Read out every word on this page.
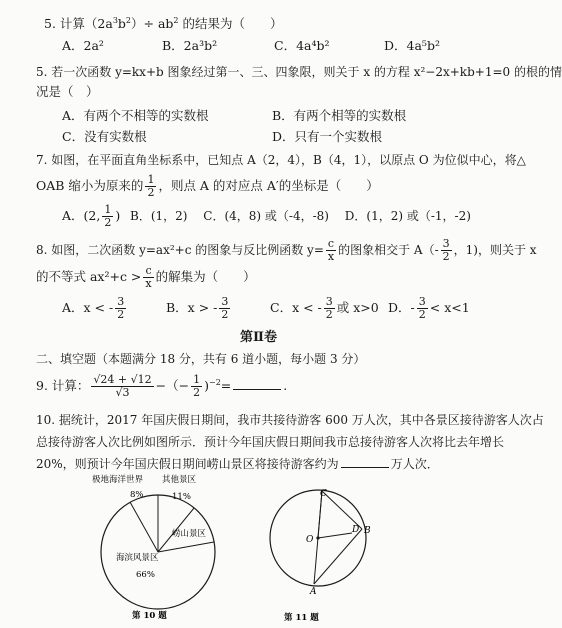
5. 计算$(2a^3b^2)\div ab^2$ 的结果为（　　）
A．2a²	B．2a³b²	C．4a⁴b²	D．4a⁵b²
5. 若一次函数 y=kx+b 图象经过第一、三、四象限，则关于 x 的方程 x²−2x+kb+1=0 的根的情
况是（　）
A．有两个不相等的实数根	B．有两个相等的实数根
C．没有实数根	D．只有一个实数根
7. 如图，在平面直角坐标系中，已知点 A（2，4），B（4，1），以原点 O 为位似中心，将△
OAB 缩小为原来的 $\frac{1}{2}$ ，则点 A 的对应点 A′的坐标是（　　）
A．(2, $\frac{1}{2}$ ) B．(1，2)　 C．(4，8) 或（-4，-8)　 D．(1，2) 或（-1，-2)
8. 如图，二次函数 y=ax²+c 的图象与反比例函数 $y= \frac{c}{x}$ 的图象相交于 $A(- \frac{3}{2}$ ，1)，则关于 x
的不等式 $ax^2+c > \frac{c}{x}$ 的解集为（　　）
A．x < - $\frac{3}{2}$	B．x > - $\frac{3}{2}$	C．x < - $\frac{3}{2}$ 或 x>0 D．- $\frac{3}{2} < x<1$
第Ⅱ卷
二、填空题（本题满分 18 分，共有 6 道小题，每小题 3 分）
9. 计算： $\frac{√24 + √12}{√3}$ −（− $\frac{1}{2} )^{-2}=$	.
10. 据统计，2017 年国庆假日期间，我市共接待游客 600 万人次，其中各景区接待游客人次占
总接待游客人次比例如图所示．预计今年国庆假日期间我市总接待游客人次将比去年增长
20%，则预计今年国庆假日期间崂山景区将接待游客约为	万人次．
极地海洋世界 其他景区
8%	11%
崂山景区
海滨风景区
66%
第 10 题
C
O
D B
A
第 11 题
